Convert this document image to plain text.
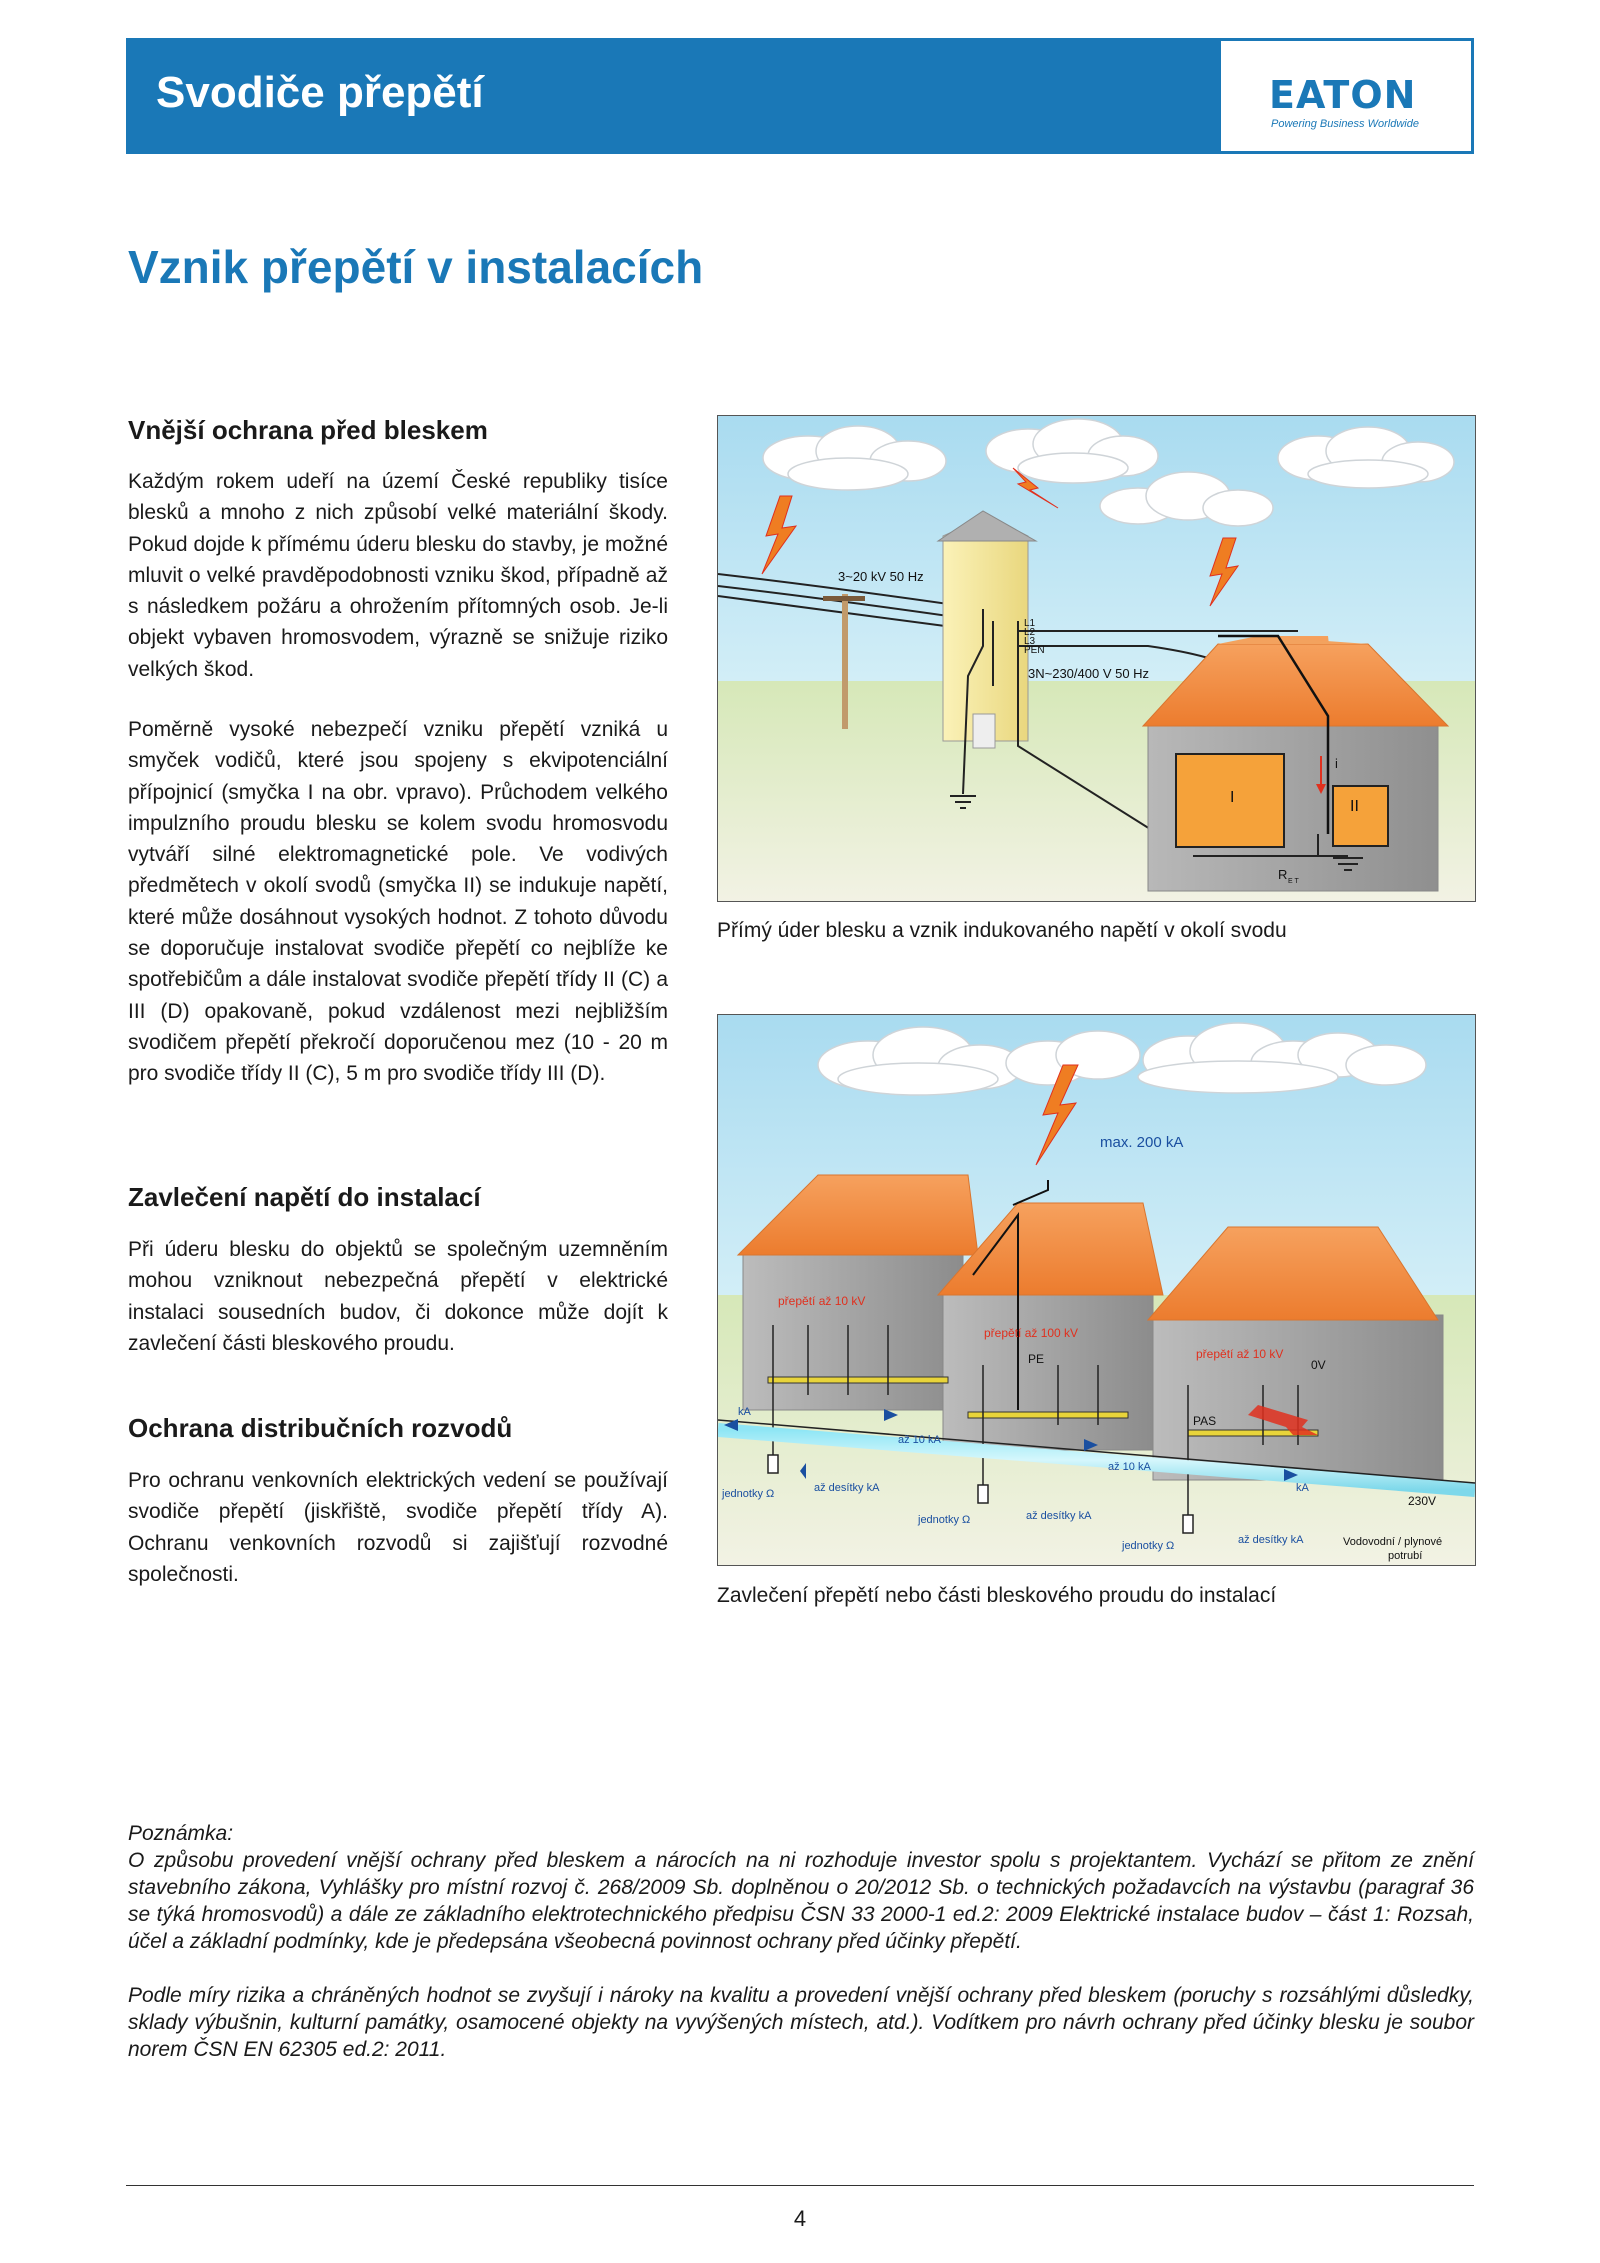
Svodiče přepětí	EATON
Powering Business Worldwide
Vznik přepětí v instalacích
Vnější ochrana před bleskem
Každým rokem udeří na území České republiky tisíce blesků a mnoho z nich způsobí velké materiální škody. Pokud dojde k přímému úderu blesku do stavby, je možné mluvit o velké pravděpodobnosti vzniku škod, případně až s následkem požáru a ohrožením přítomných osob. Je-li objekt vybaven hromosvodem, výrazně se snižuje riziko velkých škod.
Poměrně vysoké nebezpečí vzniku přepětí vzniká u smyček vodičů, které jsou spojeny s ekvipotenciální přípojnicí (smyčka I na obr. vpravo). Průchodem velkého impulzního proudu blesku se kolem svodu hromosvodu vytváří silné elektromagnetické pole. Ve vodivých předmětech v okolí svodů (smyčka II) se indukuje napětí, které může dosáhnout vysokých hodnot. Z tohoto důvodu se doporučuje instalovat svodiče přepětí co nejblíže ke spotřebičům a dále instalovat svodiče přepětí třídy II (C) a III (D) opakovaně, pokud vzdálenost mezi nejbližším svodičem přepětí překročí doporučenou mez (10 - 20 m pro svodiče třídy II (C), 5 m pro svodiče třídy III (D).
Zavlečení napětí do instalací
Při úderu blesku do objektů se společným uzemněním mohou vzniknout nebezpečná přepětí v elektrické instalaci sousedních budov, či dokonce může dojít k zavlečení části bleskového proudu.
Ochrana distribučních rozvodů
Pro ochranu venkovních elektrických vedení se používají svodiče přepětí (jiskřiště, svodiče přepětí třídy A). Ochranu venkovních rozvodů si zajišťují rozvodné společnosti.
3~20 kV 50 Hz
L1
L2
L3
PEN
3N~230/400 V 50 Hz
I
II
i
R E T
Přímý úder blesku a vznik indukovaného napětí v okolí svodu
max. 200 kA
přepětí až 10 kV
přepětí až 100 kV
přepětí až 10 kV
PE	0V
PAS
kA
až 10 kA
až 10 kA
kA
jednotky Ω	až desítky kA
jednotky Ω	až desítky kA
jednotky Ω	až desítky kA
230V
Vodovodní / plynové
potrubí
Zavlečení přepětí nebo části bleskového proudu do instalací

Poznámka:

O způsobu provedení vnější ochrany před bleskem a nárocích na ni rozhoduje investor spolu s projektantem. Vychází se přitom ze znění stavebního zákona, Vyhlášky pro místní rozvoj č. 268/2009 Sb. doplněnou o 20/2012 Sb. o technických požadavcích na výstavbu (paragraf 36 se týká hromosvodů) a dále ze základního elektrotechnického předpisu ČSN 33 2000-1 ed.2: 2009 Elektrické instalace budov – část 1: Rozsah, účel a základní podmínky, kde je předepsána všeobecná povinnost ochrany před účinky přepětí.

Podle míry rizika a chráněných hodnot se zvyšují i nároky na kvalitu a provedení vnější ochrany před bleskem (poruchy s rozsáhlými důsledky, sklady výbušnin, kulturní památky, osamocené objekty na vyvýšených místech, atd.). Vodítkem pro návrh ochrany před účinky blesku je soubor norem ČSN EN 62305 ed.2: 2011.

4
